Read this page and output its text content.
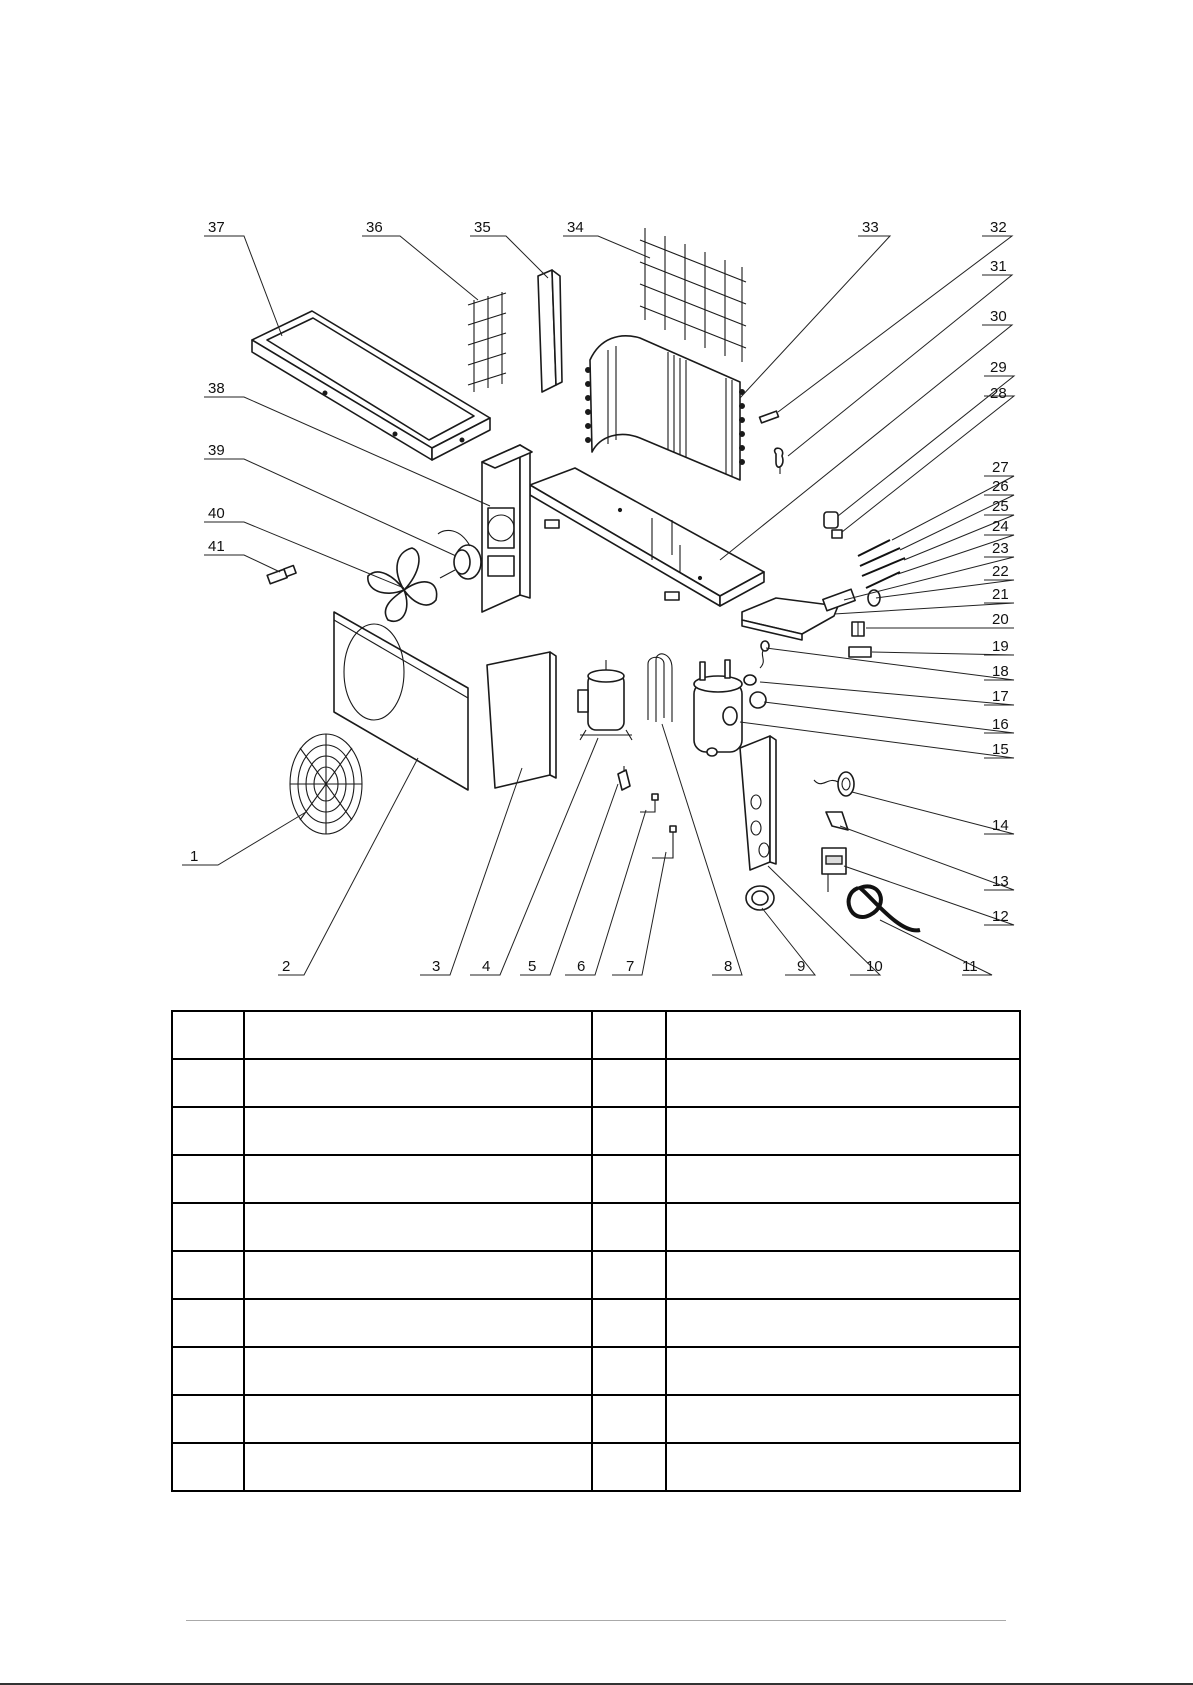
37	36	35	34	33	32
31
30
29
28
38
39
40
41
27
26
25
24
23
22
21
20
19
18
17
16
15
14
13
12
11
1
2	3	4	5	6	7	8	9	10
